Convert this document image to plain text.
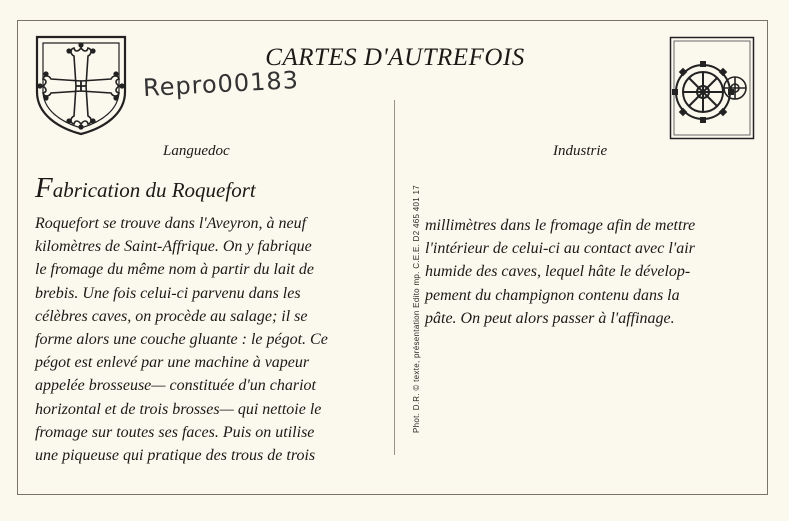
CARTES D'AUTREFOIS
Repro00183
Languedoc	Industrie
Fabrication du Roquefort
Roquefort se trouve dans l'Aveyron, à neuf
kilomètres de Saint-Affrique. On y fabrique
le fromage du même nom à partir du lait de
brebis. Une fois celui-ci parvenu dans les
célèbres caves, on procède au salage; il se
forme alors une couche gluante : le pégot. Ce
pégot est enlevé par une machine à vapeur
appelée brosseuse— constituée d'un chariot
horizontal et de trois brosses— qui nettoie le
fromage sur toutes ses faces. Puis on utilise
une piqueuse qui pratique des trous de trois
Phot. D.R. © texte, présentation Edito mp. C.E.E. D2 465 401 17 millimètres dans le fromage afin de mettre
l'intérieur de celui-ci au contact avec l'air
humide des caves, lequel hâte le dévelop-
pement du champignon contenu dans la
pâte. On peut alors passer à l'affinage.
